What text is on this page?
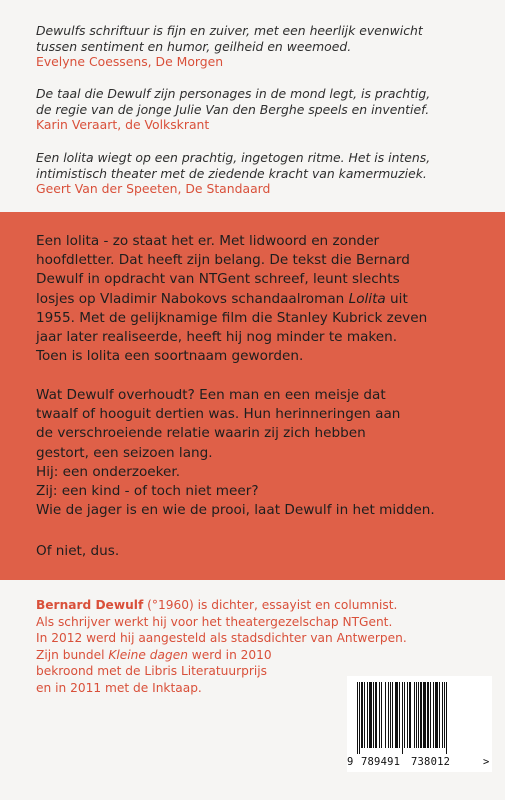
Dewulfs schriftuur is fijn en zuiver, met een heerlijk evenwicht
tussen sentiment en humor, geilheid en weemoed.
Evelyne Coessens, De Morgen
De taal die Dewulf zijn personages in de mond legt, is prachtig,
de regie van de jonge Julie Van den Berghe speels en inventief.
Karin Veraart, de Volkskrant
Een lolita wiegt op een prachtig, ingetogen ritme. Het is intens,
intimistisch theater met de ziedende kracht van kamermuziek.
Geert Van der Speeten, De Standaard

Een lolita - zo staat het er. Met lidwoord en zonder
hoofdletter. Dat heeft zijn belang. De tekst die Bernard
Dewulf in opdracht van NTGent schreef, leunt slechts
losjes op Vladimir Nabokovs schandaalroman Lolita uit
1955. Met de gelijknamige film die Stanley Kubrick zeven
jaar later realiseerde, heeft hij nog minder te maken.
Toen is lolita een soortnaam geworden.

Wat Dewulf overhoudt? Een man en een meisje dat
twaalf of hooguit dertien was. Hun herinneringen aan
de verschroeiende relatie waarin zij zich hebben
gestort, een seizoen lang.
Hij: een onderzoeker.
Zij: een kind - of toch niet meer?
Wie de jager is en wie de prooi, laat Dewulf in het midden.

Of niet, dus.

Bernard Dewulf (°1960) is dichter, essayist en columnist.
Als schrijver werkt hij voor het theatergezelschap NTGent.
In 2012 werd hij aangesteld als stadsdichter van Antwerpen.
Zijn bundel Kleine dagen werd in 2010
bekroond met de Libris Literatuurprijs
en in 2011 met de Inktaap.

9 789491 738012	>
